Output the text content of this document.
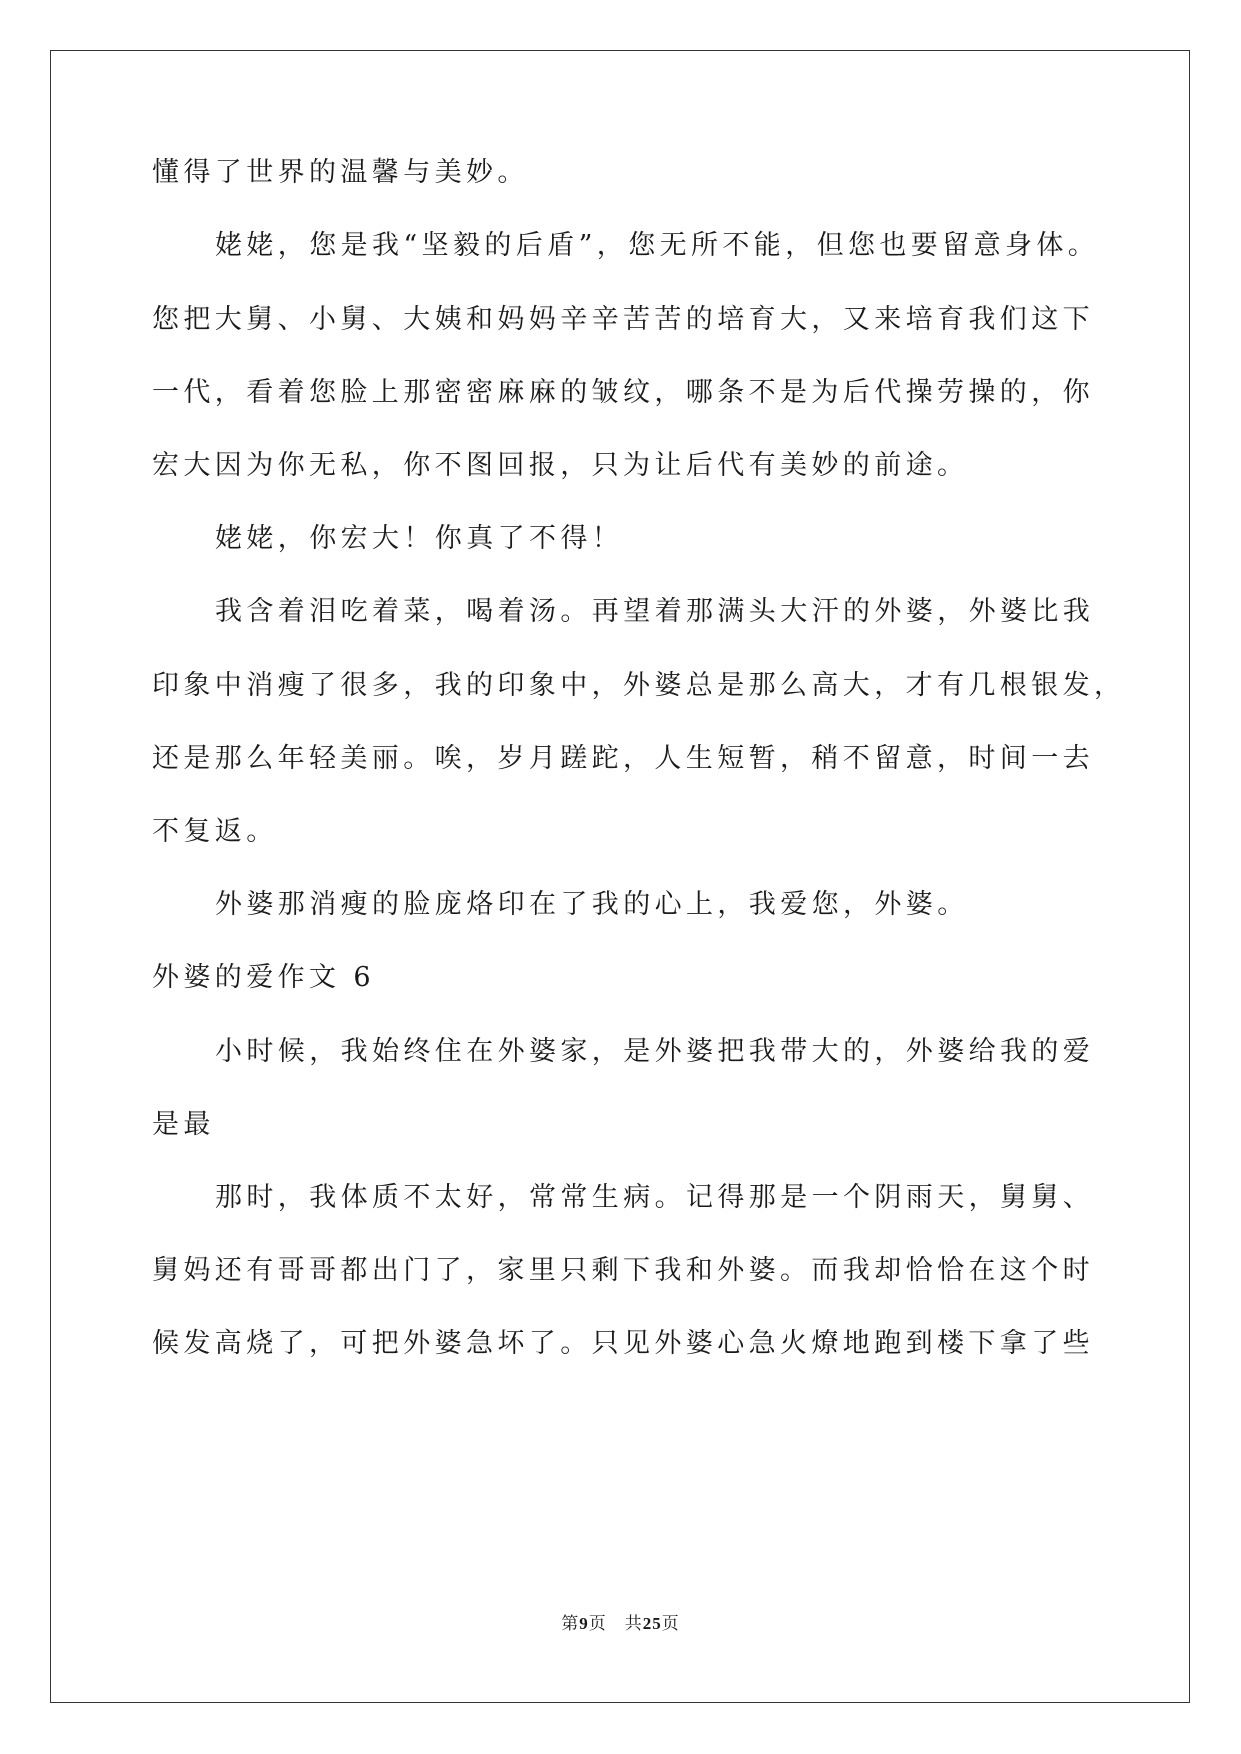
懂得了世界的温馨与美妙。
姥姥，您是我“坚毅的后盾”，您无所不能，但您也要留意身体。
您把大舅、小舅、大姨和妈妈辛辛苦苦的培育大，又来培育我们这下
一代，看着您脸上那密密麻麻的皱纹，哪条不是为后代操劳操的，你
宏大因为你无私，你不图回报，只为让后代有美妙的前途。
姥姥，你宏大！你真了不得！
我含着泪吃着菜，喝着汤。再望着那满头大汗的外婆，外婆比我
印象中消瘦了很多，我的印象中，外婆总是那么高大，才有几根银发，
还是那么年轻美丽。唉，岁月蹉跎，人生短暂，稍不留意，时间一去
不复返。
外婆那消瘦的脸庞烙印在了我的心上，我爱您，外婆。
外婆的爱作文 6
小时候，我始终住在外婆家，是外婆把我带大的，外婆给我的爱
是最
那时，我体质不太好，常常生病。记得那是一个阴雨天，舅舅、
舅妈还有哥哥都出门了，家里只剩下我和外婆。而我却恰恰在这个时
候发高烧了，可把外婆急坏了。只见外婆心急火燎地跑到楼下拿了些
第9页 共25页
